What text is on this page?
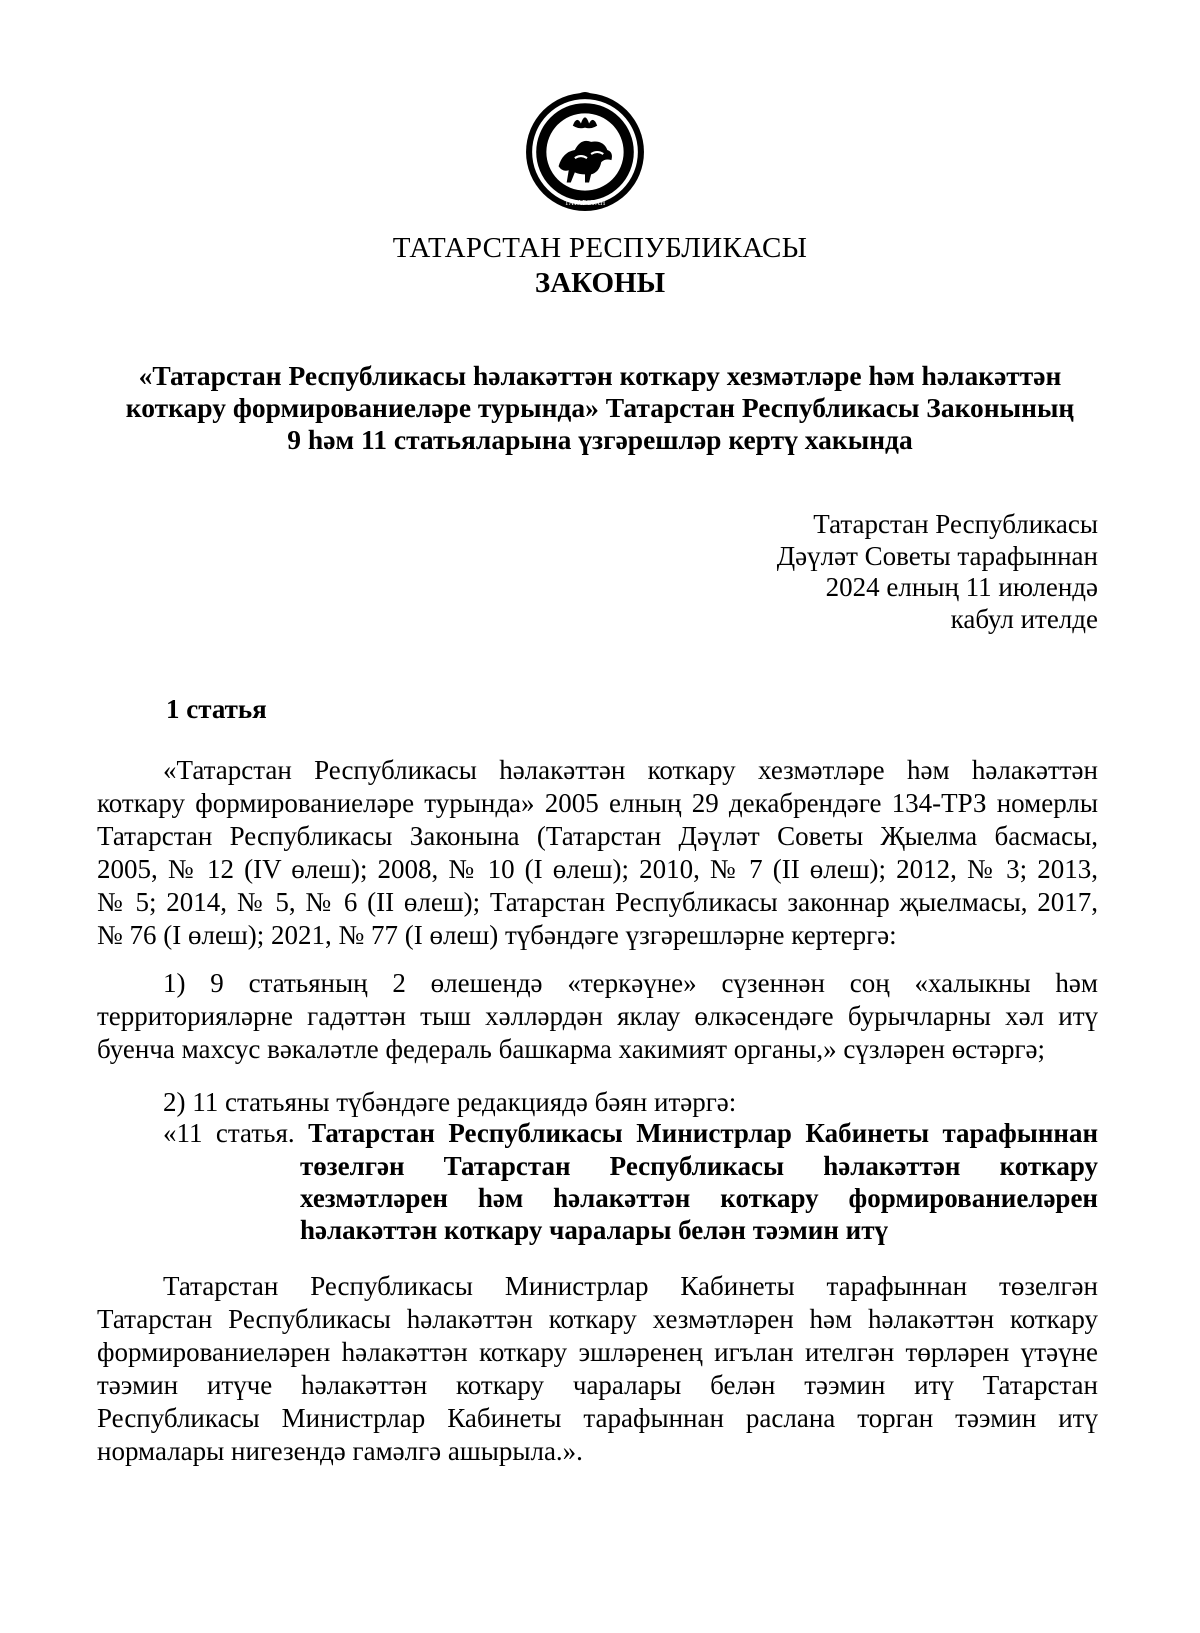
ТАТАРСТАН
ТАТАРСТАН РЕСПУБЛИКАСЫ
ЗАКОНЫ
«Татарстан Республикасы һәлакәттән коткару хезмәтләре һәм һәлакәттән
коткару формированиеләре турында» Татарстан Республикасы Законының
9 һәм 11 статьяларына үзгәрешләр кертү хакында
Татарстан Республикасы
Дәүләт Советы тарафыннан
2024 елның 11 июлендә
кабул ителде
1 статья
«Татарстан Республикасы һәлакәттән коткару хезмәтләре һәм һәлакәттән
коткару формированиеләре турында» 2005 елның 29 декабрендәге 134-ТРЗ номерлы
Татарстан Республикасы Законына (Татарстан Дәүләт Советы Җыелма басмасы,
2005, № 12 (IV өлеш); 2008, № 10 (I өлеш); 2010, № 7 (II өлеш); 2012, № 3; 2013,
№ 5; 2014, № 5, № 6 (II өлеш); Татарстан Республикасы законнар җыелмасы, 2017,
№ 76 (I өлеш); 2021, № 77 (I өлеш) түбәндәге үзгәрешләрне кертергә:
1) 9 статьяның 2 өлешендә «теркәүне» сүзеннән соң «халыкны һәм
территорияләрне гадәттән тыш хәлләрдән яклау өлкәсендәге бурычларны хәл итү
буенча махсус вәкаләтле федераль башкарма хакимият органы,» сүзләрен өстәргә;
2) 11 статьяны түбәндәге редакциядә бәян итәргә:
«11 статья. Татарстан Республикасы Министрлар Кабинеты тарафыннан
төзелгән Татарстан Республикасы һәлакәттән коткару
хезмәтләрен һәм һәлакәттән коткару формированиеләрен
һәлакәттән коткару чаралары белән тәэмин итү
Татарстан Республикасы Министрлар Кабинеты тарафыннан төзелгән
Татарстан Республикасы һәлакәттән коткару хезмәтләрен һәм һәлакәттән коткару
формированиеләрен һәлакәттән коткару эшләренең игълан ителгән төрләрен үтәүне
тәэмин итүче һәлакәттән коткару чаралары белән тәэмин итү Татарстан
Республикасы Министрлар Кабинеты тарафыннан раслана торган тәэмин итү
нормалары нигезендә гамәлгә ашырыла.».
